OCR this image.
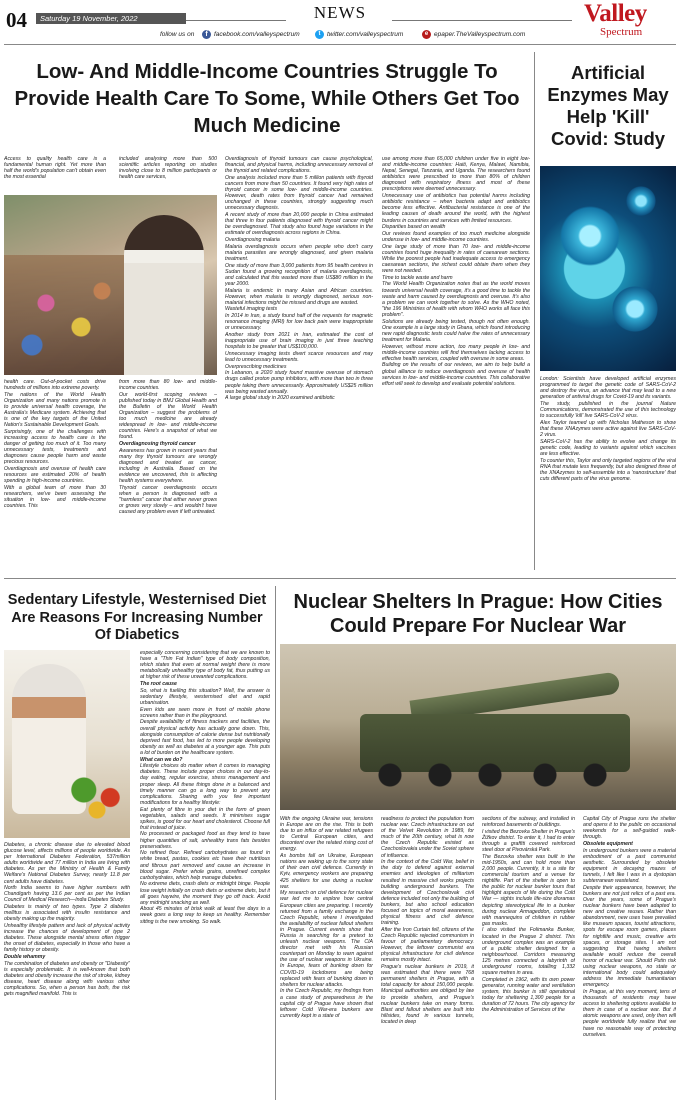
04 Saturday 19 November, 2022	NEWS
follow us on	f facebook.com/valleyspectrum	t	twitter.com/valleyspectrum	e epaper.TheValleyspectrum.com
Valley
Spectrum
Low- And Middle-Income Countries Struggle To Provide Health Care To Some, While Others Get Too Much Medicine
Access to quality health care is a fundamental human right. Yet more than half the world's population can't obtain even the most essential
included analysing more than 500 scientific articles reporting on studies involving close to 8 million participants or health care services,

health care. Out-of-pocket costs drive hundreds of millions into extreme poverty.

The nations of the World Health Organization and many nations promote is to provide universal health coverage, the Australia's Medicare system. Achieving that is one of the key targets of the United Nation's Sustainable Development Goals.

Surprisingly, one of the challenges with increasing access to health care is the danger of getting too much of it. Too many unnecessary tests, treatments and diagnoses cause people harm and waste precious resources.

Overdiagnosis and overuse of health care resources are estimated 20% of health spending in high-income countries.

With a global team of more than 30 researchers, we've been assessing the situation in low- and middle-income countries. This

from more than 80 low- and middle-income countries.

Our world-first scoping reviews – published today in BMJ Global Health and the Bulletin of the World Health Organization – suggest the problems of too much medicine are already widespread in low- and middle-income countries. Here's a snapshot of what we found.

Overdiagnosing thyroid cancer

Awareness has grown in recent years that many tiny thyroid tumours are wrongly diagnosed and treated as cancer, including in Australia. Based on the evidence we uncovered, this is affecting health systems everywhere.

Thyroid cancer overdiagnosis occurs when a person is diagnosed with a "harmless" cancer that either never grows or grows very slowly – and wouldn't have caused any problem even if left untreated.

Overdiagnosis of thyroid tumours can cause psychological, financial, and physical harms, including unnecessary removal of the thyroid and related complications.

One analysis included more than 5 million patients with thyroid cancers from more than 50 countries. It found very high rates of thyroid cancer in some low- and middle-income countries. However, death rates from thyroid cancer had remained unchanged in these countries, strongly suggesting much unnecessary diagnosis.

A recent study of more than 20,000 people in China estimated that three in four patients diagnosed with thyroid cancer might be overdiagnosed. That study also found huge variations in the estimate of overdiagnosis across regions in China.

Overdiagnosing malaria

Malaria overdiagnosis occurs when people who don't carry malaria parasites are wrongly diagnosed, and given malaria treatment.

One study of more than 3,000 patients from 95 health centres in Sudan found a growing recognition of malaria overdiagnosis, and calculated that this wasted more than US$80 million in the year 2000.

Malaria is endemic in many Asian and African countries. However, when malaria is wrongly diagnosed, serious non-malarial infections might be missed and drugs are wasted.

Wasteful imaging tests

In 2014 in Iran, a study found half of the requests for magnetic resonance imaging (MRI) for low back pain were inappropriate or unnecessary.

Another study from 2021 in Iran, estimated the cost of inappropriate use of brain imaging in just three teaching hospitals to be greater that US$100,000.

Unnecessary imaging tests divert scarce resources and may lead to unnecessary treatments.

Overprescribing medicines

In Lebanon, a 2020 study found massive overuse of stomach drugs called proton pump inhibitors, with more than two in three people taking them unnecessarily. Approximately US$25 million was being wasted annually.

A large global study in 2020 examined antibiotic

use among more than 65,000 children under five in eight low- and middle-income countries: Haiti, Kenya, Malawi, Namibia, Nepal, Senegal, Tanzania, and Uganda. The researchers found antibiotics were prescribed to more than 80% of children diagnosed with respiratory illness and most of these prescriptions were deemed unnecessary.

Unnecessary use of antibiotics has potential harms including antibiotic resistance – when bacteria adapt and antibiotics become less effective. Antibacterial resistance is one of the leading causes of death around the world, with the highest burdens in countries and services with limited resources.

Disparities based on wealth

Our reviews found examples of too much medicine alongside underuse in low- and middle-income countries.

One large study of more than 70 low- and middle-income countries found huge inequality in rates of caesarean sections. While the poorest people had inadequate access to emergency caesarean sections, the richest could obtain them when they were not needed.

Time to tackle waste and harm

The World Health Organization notes that as the world moves towards universal health coverage, it's a good time to tackle the waste and harm caused by overdiagnosis and overuse. It's also a problem we can work together to solve. As the WHO noted, "the 196 Ministries of health with whom WHO works all face this problem".

Solutions are already being tested, though not often enough. One example is a large study in Ghana, which found introducing new rapid diagnostic tests could halve the rates of unnecessary treatment for Malaria.

However, without more action, too many people in low- and middle-income countries will find themselves lacking access to effective health services, coupled with overuse in some areas.

Building on the results of our reviews, we aim to help build a global alliance to reduce overdiagnosis and overuse of health services in low- and middle-income countries. This collaborative effort will seek to develop and evaluate potential solutions.

Artificial Enzymes May Help 'Kill' Covid: Study

London: Scientists have developed artificial enzymes programmed to target the genetic code of SARS-CoV-2 and destroy the virus, an advance that may lead to a new generation of antiviral drugs for Covid-19 and its variants.

The study, published in the journal Nature Communications, demonstrated the use of this technology to successfully 'kill' live SARS-CoV-2 virus.

Alex Taylor teamed up with Nicholas Matheson to show that these XNAzymes were active against live SARS-CoV-2 virus.

SARS-CoV-2 has the ability to evolve and change its genetic code, leading to variants against which vaccines are less effective.

To counter this, Taylor and only targeted regions of the viral RNA that mutate less frequently, but also designed three of the XNAzymes to self-assemble into a 'nanostructure' that cuts different parts of the virus genome.

Sedentary Lifestyle, Westernised Diet Are Reasons For Increasing Number Of Diabetics

Diabetes, a chronic disease due to elevated blood glucose level, affects millions of people worldwide. As per International Diabetes Federation, 537million adults worldwide and 77 million in India are living with diabetes. As per the Ministry of Health & Family Welfare's National Diabetes Survey, nearly 11.8 per cent adults have diabetes.

North India seems to have higher numbers with Chandigarh having 13.6 per cent as per the Indian Council of Medical Research—India Diabetes Study.

Diabetes is mainly of two types. Type 2 diabetes mellitus is associated with insulin resistance and obesity making up the majority.

Unhealthy lifestyle pattern and lack of physical activity increase the chances of development of type 2 diabetes. These alongside mental stress often trigger the onset of diabetes, especially in those who have a family history or obesity.

Double whammy

The combination of diabetes and obesity or "Diabesity" is especially problematic. It is well-known that both diabetes and obesity increase the risk of stroke, kidney disease, heart disease along with various other complications. So, when a person has both, the risk gets magnified manifold. This is

especially concerning considering that we are known to have a "Thin Fat Indian" type of body composition, which states that even at normal weight there is more metabolically unhealthy type of body fat, thus putting us at higher risk of these unwanted complications.

The root cause

So, what is fuelling this situation? Well, the answer is sedentary lifestyle, westernised diet and rapid urbanisation.

Even kids are seen more in front of mobile phone screens rather than in the playground.

Despite availability of fitness trackers and facilities, the overall physical activity has actually gone down. This, alongside consumption of calorie dense but nutritionally deprived fast food, has led to more people developing obesity as well as diabetes at a younger age. This puts a lot of burden on the healthcare system.

What can we do?

Lifestyle choices do matter when it comes to managing diabetes. These include proper choices in our day-to-day eating, regular exercise, stress management and proper sleep. All these things done in a balanced and timely manner can go a long way to prevent any complications. Sharing with you few important modifications for a healthy lifestyle:

Eat plenty of fibre in your diet in the form of green vegetables, salads and seeds. It minimises sugar spikes, is good for our heart and cholesterol. Choose full fruit instead of juice.

No processed or packaged food as they tend to have higher quantities of salt, unhealthy trans fats besides preservatives.

No refined flour. Refined carbohydrates as found in white bread, pastas, cookies etc have their nutritious and fibrous part removed and cause an increase in blood sugar. Prefer whole grains, unrefined complex carbohydrates, which help manage diabetes.

No extreme diets, crash diets or midnight binge. People lose weight initially on crash diets or extreme diets, but it all goes haywire, the moment they go off track. Avoid any midnight snacking as well.

About 45 minutes of brisk walk at least five days in a week goes a long way to keep us healthy. Remember sitting is the new smoking. So walk.

Nuclear Shelters In Prague: How Cities Could Prepare For Nuclear War

With the ongoing Ukraine war, tensions in Europe are on the rise. This is both due to an influx of war related refugees to Central European cities, and discontent over the related rising cost of energy.

As bombs fall on Ukraine, European nations are waking up to the sorry state of their own civil defence. Currently in Kyiv, emergency workers are preparing 425 shelters for use during a nuclear war.

My research on civil defence for nuclear war led me to explore how central European cities are preparing. I recently returned from a family exchange in the Czech Republic, where I investigated the availability of nuclear fallout shelters in Prague. Current events show that Russia is searching for a pretext to unleash nuclear weapons. The CIA director met with his Russian counterpart on Monday to warn against the use of nuclear weapons in Ukraine. In Europe, fears of bunking down for COVID-19 lockdowns are being replaced with fears of bunking down in shelters for nuclear attacks.

In the Czech Republic, my findings from a case study of preparedness in the capital city of Prague have shown that leftover Cold War-era bunkers are currently kept in a state of

readiness to protect the population from nuclear war. Czech infrastructure on out of the Velvet Revolution in 1989, for much of the 20th century, what is now the Czech Republic existed as Czechoslovakia under the Soviet sphere of influence.

In the context of the Cold War, belief in the duty to defend against external enemies and ideologies of militarism resulted in massive civil works projects building underground bunkers. The development of Czechoslovak civil defence included not only the building of bunkers, but also school education focused on topics of moral awareness, physical fitness and civil defence training.

After the Iron Curtain fell, citizens of the Czech Republic rejected communism in favour of parliamentary democracy. However, the leftover communist era physical infrastructure for civil defence remains mostly intact.

Prague's nuclear bunkers in 2019, it was estimated that there were 768 permanent shelters in Prague, with a total capacity for about 150,000 people. Municipal authorities are obliged by law to provide shelters, and Prague's nuclear bunkers take on many forms. Blast and fallout shelters are built into hillsides, found in various tunnels, located in deep

sections of the subway, and installed in reinforced basements of buildings.

I visited the Bezovka Shelter in Prague's Žižkov district. To enter it, I had to enter through a graffiti covered reinforced steel door at Pivovárská Park.

The Bezovka shelter was built in the mid-1950s, and can hold more than 2,000 people. Currently, it is a site for commercial tourism and a venue for nightlife. Part of the shelter is open to the public for nuclear bunker tours that highlight aspects of life during the Cold War — sights include life-size dioramas depicting stereotypical life in a bunker during nuclear Armageddon, complete with mannequins of children in rubber gas masks.

I also visited the Folimanka Bunker, located in the Prague 2 district. This underground complex was an example of a public shelter designed for a neighbourhood. Corridors measuring 125 metres connected a labyrinth of underground rooms, totalling 1,332 square metres in area.

Completed in 1962, with its own power generator, running water and ventilation system, this bunker is still operational today for sheltering 1,300 people for a duration of 72 hours. The city agency for the Administration of Services of the

Capital City of Prague runs the shelter and opens it to the public on occasional weekends for a self-guided walk-through.

Obsolete equipment

In underground bunkers were a material embodiment of a past communist aesthetic. Surrounded by obsolete equipment in decaying mazes of tunnels, I felt like I was in a dystopian subterranean wasteland.

Despite their appearance, however, the bunkers are not just relics of a past era. Over the years, some of Prague's nuclear bunkers have been adapted to new and creative reuses. Rather than abandonment, new uses have prevailed like museum spaces, tourist attractions, spots for escape room games, places for nightlife and music, creative arts spaces, or storage sites. I am not suggesting that having shelters available would reduce the overall horror of nuclear war. Should Putin risk using nuclear weapons, no state or international body could adequately address the immediate humanitarian emergency.

In Prague, at this very moment, tens of thousands of residents may have access to sheltering options available to them in case of a nuclear war. But if atomic weapons are used, only then will people worldwide fully realize that we have no reasonable way of protecting ourselves.
